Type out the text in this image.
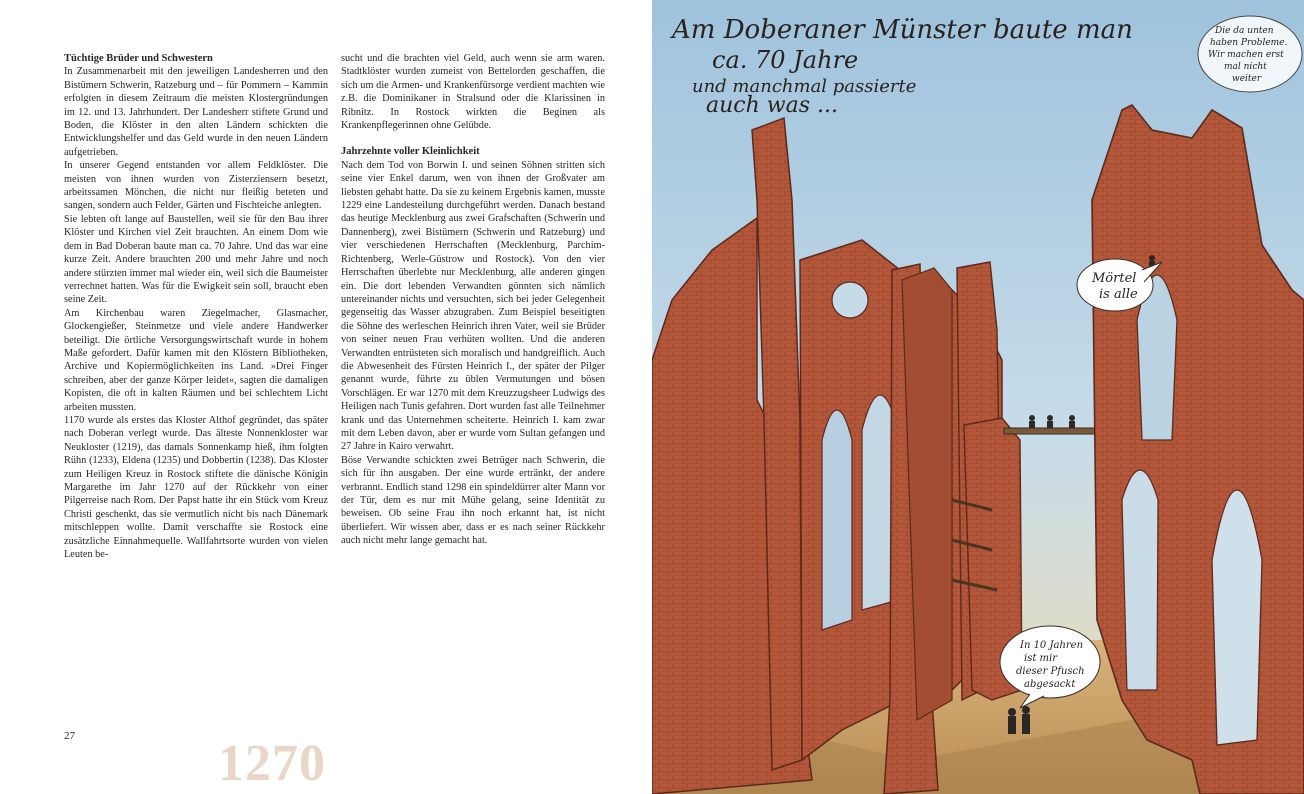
Tüchtige Brüder und Schwestern

In Zusammenarbeit mit den jeweiligen Landesherren und den Bistümern Schwerin, Ratzeburg und – für Pommern – Kammin erfolgten in diesem Zeitraum die meisten Klostergründungen im 12. und 13. Jahrhundert. Der Landesherr stiftete Grund und Boden, die Klöster in den alten Ländern schickten die Entwicklungshelfer und das Geld wurde in den neuen Ländern aufgetrieben.

In unserer Gegend entstanden vor allem Feldklöster. Die meisten von ihnen wurden von Zisterziensern besetzt, arbeitssamen Mönchen, die nicht nur fleißig beteten und sangen, sondern auch Felder, Gärten und Fischteiche anlegten.

Sie lebten oft lange auf Baustellen, weil sie für den Bau ihrer Klöster und Kirchen viel Zeit brauchten. An einem Dom wie dem in Bad Doberan baute man ca. 70 Jahre. Und das war eine kurze Zeit. Andere brauchten 200 und mehr Jahre und noch andere stürzten immer mal wieder ein, weil sich die Baumeister verrechnet hatten. Was für die Ewigkeit sein soll, braucht eben seine Zeit.

Am Kirchenbau waren Ziegelmacher, Glasmacher, Glockengießer, Steinmetze und viele andere Handwerker beteiligt. Die örtliche Versorgungswirtschaft wurde in hohem Maße gefordert. Dafür kamen mit den Klöstern Bibliotheken, Archive und Kopiermöglichkeiten ins Land. »Drei Finger schreiben, aber der ganze Körper leidet«, sagten die damaligen Kopisten, die oft in kalten Räumen und bei schlechtem Licht arbeiten mussten.

1170 wurde als erstes das Kloster Althof gegründet, das später nach Doberan verlegt wurde. Das älteste Nonnenkloster war Neukloster (1219), das damals Sonnenkamp hieß, ihm folgten Rühn (1233), Eldena (1235) und Dobbertin (1238). Das Kloster zum Heiligen Kreuz in Rostock stiftete die dänische Königin Margarethe im Jahr 1270 auf der Rückkehr von einer Pilgerreise nach Rom. Der Papst hatte ihr ein Stück vom Kreuz Christi geschenkt, das sie vermutlich nicht bis nach Dänemark mitschleppen wollte. Damit verschaffte sie Rostock eine zusätzliche Einnahmequelle. Wallfahrtsorte wurden von vielen Leuten be-

sucht und die brachten viel Geld, auch wenn sie arm waren. Stadtklöster wurden zumeist von Bettelorden geschaffen, die sich um die Armen- und Krankenfürsorge verdient machten wie z.B. die Dominikaner in Stralsund oder die Klarissinen in Ribnitz. In Rostock wirkten die Beginen als Krankenpflegerinnen ohne Gelübde.

Jahrzehnte voller Kleinlichkeit

Nach dem Tod von Borwin I. und seinen Söhnen stritten sich seine vier Enkel darum, wen von ihnen der Großvater am liebsten gehabt hatte. Da sie zu keinem Ergebnis kamen, musste 1229 eine Landesteilung durchgeführt werden. Danach bestand das heutige Mecklenburg aus zwei Grafschaften (Schwerin und Dannenberg), zwei Bistümern (Schwerin und Ratzeburg) und vier verschiedenen Herrschaften (Mecklenburg, Parchim-Richtenberg, Werle-Güstrow und Rostock). Von den vier Herrschaften überlebte nur Mecklenburg, alle anderen gingen ein. Die dort lebenden Verwandten gönnten sich nämlich untereinander nichts und versuchten, sich bei jeder Gelegenheit gegenseitig das Wasser abzugraben. Zum Beispiel beseitigten die Söhne des werleschen Heinrich ihren Vater, weil sie Brüder von seiner neuen Frau verhüten wollten. Und die anderen Verwandten entrüsteten sich moralisch und handgreiflich. Auch die Abwesenheit des Fürsten Heinrich I., der später der Pilger genannt wurde, führte zu üblen Vermutungen und bösen Vorschlägen. Er war 1270 mit dem Kreuzzugsheer Ludwigs des Heiligen nach Tunis gefahren. Dort wurden fast alle Teilnehmer krank und das Unternehmen scheiterte. Heinrich I. kam zwar mit dem Leben davon, aber er wurde vom Sultan gefangen und 27 Jahre in Kairo verwahrt.

Böse Verwandte schickten zwei Betrüger nach Schwerin, die sich für ihn ausgaben. Der eine wurde ertränkt, der andere verbrannt. Endlich stand 1298 ein spindeldürrer alter Mann vor der Tür, dem es nur mit Mühe gelang, seine Identität zu beweisen. Ob seine Frau ihn noch erkannt hat, ist nicht überliefert. Wir wissen aber, dass er es nach seiner Rückkehr auch nicht mehr lange gemacht hat.

27	1270
Am Doberaner Münster baute man
ca. 70 Jahre
und manchmal passierte
auch was ...
Die da unten
haben Probleme.
Wir machen erst
mal nicht
weiter
Mörtel
is alle
In 10 Jahren
ist mir
dieser Pfusch
abgesackt
